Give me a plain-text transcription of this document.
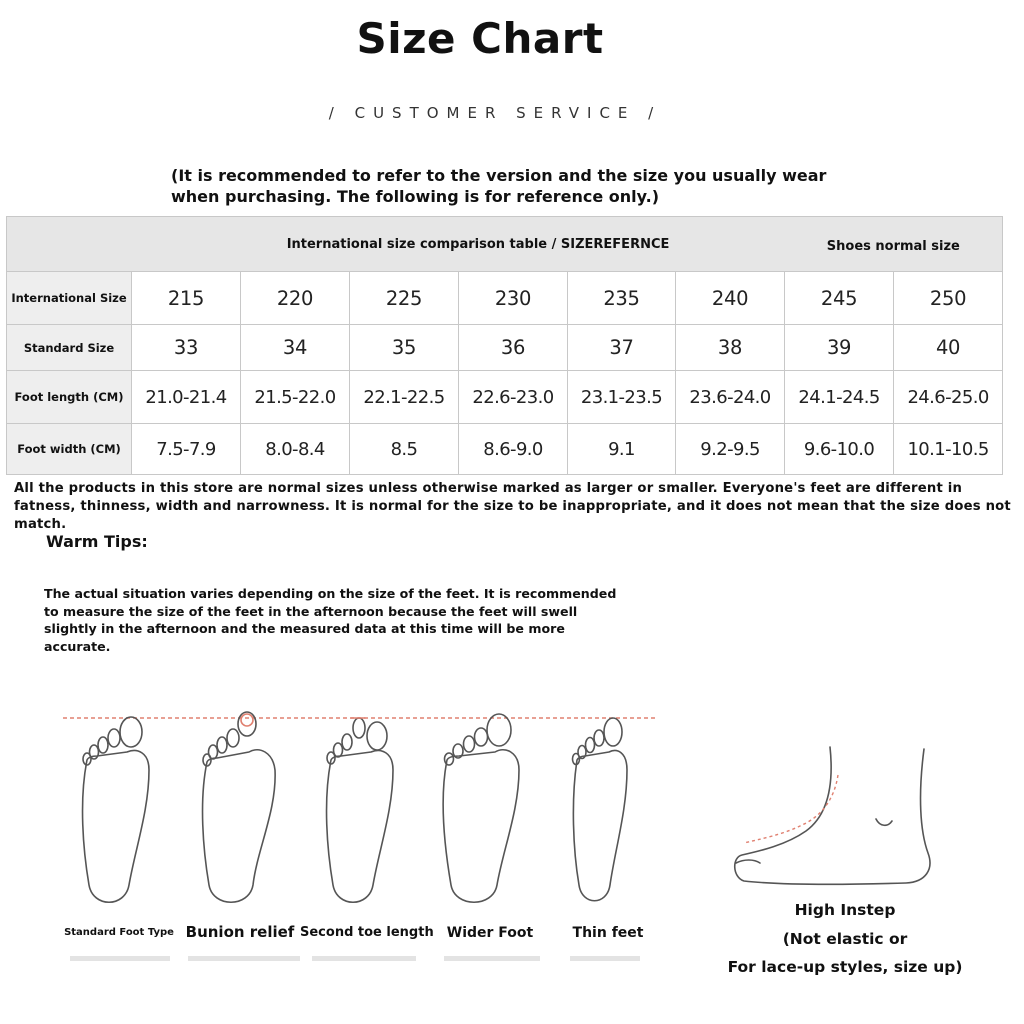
Size Chart
/ CUSTOMER SERVICE /
(It is recommended to refer to the version and the size you usually wear when purchasing. The following is for reference only.)
	International size comparison table / SIZEREFERNCE						Shoes normal size	
International Size	215	220	225	230	235	240	245	250
Standard Size	33	34	35	36	37	38	39	40
Foot length (CM)	21.0-21.4	21.5-22.0	22.1-22.5	22.6-23.0	23.1-23.5	23.6-24.0	24.1-24.5	24.6-25.0
Foot width (CM)	7.5-7.9	8.0-8.4	8.5	8.6-9.0	9.1	9.2-9.5	9.6-10.0	10.1-10.5
All the products in this store are normal sizes unless otherwise marked as larger or smaller. Everyone's feet are different in fatness, thinness, width and narrowness. It is normal for the size to be inappropriate, and it does not mean that the size does not match.
Warm Tips:
The actual situation varies depending on the size of the feet. It is recommended to measure the size of the feet in the afternoon because the feet will swell slightly in the afternoon and the measured data at this time will be more accurate.
Standard Foot Type Bunion relief Second toe length Wider Foot	Thin feet
High Instep
(Not elastic or
For lace-up styles, size up)
